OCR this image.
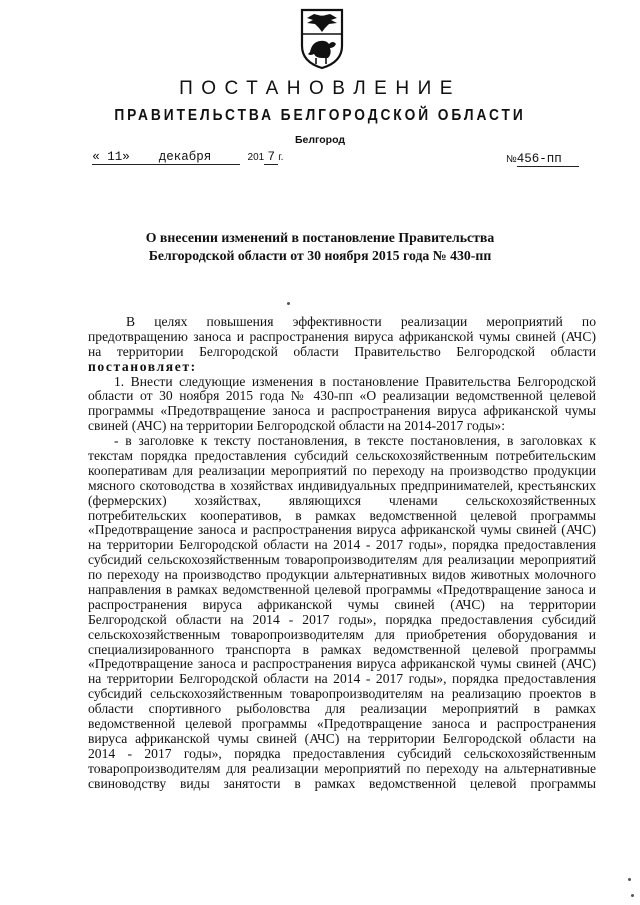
ПОСТАНОВЛЕНИЕ
ПРАВИТЕЛЬСТВА БЕЛГОРОДСКОЙ ОБЛАСТИ
Белгород
« 11» декабря	201 7 г.	№456-пп
О внесении изменений в постановление Правительства
Белгородской области от 30 ноября 2015 года № 430-пп
В целях повышения эффективности реализации мероприятий по
предотвращению заноса и распространения вируса африканской чумы свиней (АЧС)
на территории Белгородской области Правительство Белгородской области
постановляет:
1. Внести следующие изменения в постановление Правительства Белгородской
области от 30 ноября 2015 года № 430-пп «О реализации ведомственной целевой
программы «Предотвращение заноса и распространения вируса африканской чумы
свиней (АЧС) на территории Белгородской области на 2014-2017 годы»:
- в заголовке к тексту постановления, в тексте постановления, в заголовках к
текстам порядка предоставления субсидий сельскохозяйственным потребительским
кооперативам для реализации мероприятий по переходу на производство продукции
мясного скотоводства в хозяйствах индивидуальных предпринимателей, крестьянских
(фермерских) хозяйствах, являющихся членами сельскохозяйственных
потребительских кооперативов, в рамках ведомственной целевой программы
«Предотвращение заноса и распространения вируса африканской чумы свиней (АЧС)
на территории Белгородской области на 2014 - 2017 годы», порядка предоставления
субсидий сельскохозяйственным товаропроизводителям для реализации мероприятий
по переходу на производство продукции альтернативных видов животных молочного
направления в рамках ведомственной целевой программы «Предотвращение заноса и
распространения вируса африканской чумы свиней (АЧС) на территории
Белгородской области на 2014 - 2017 годы», порядка предоставления субсидий
сельскохозяйственным товаропроизводителям для приобретения оборудования и
специализированного транспорта в рамках ведомственной целевой программы
«Предотвращение заноса и распространения вируса африканской чумы свиней (АЧС)
на территории Белгородской области на 2014 - 2017 годы», порядка предоставления
субсидий сельскохозяйственным товаропроизводителям на реализацию проектов в
области спортивного рыболовства для реализации мероприятий в рамках
ведомственной целевой программы «Предотвращение заноса и распространения
вируса африканской чумы свиней (АЧС) на территории Белгородской области на
2014 - 2017 годы», порядка предоставления субсидий сельскохозяйственным
товаропроизводителям для реализации мероприятий по переходу на альтернативные
свиноводству виды занятости в рамках ведомственной целевой программы
